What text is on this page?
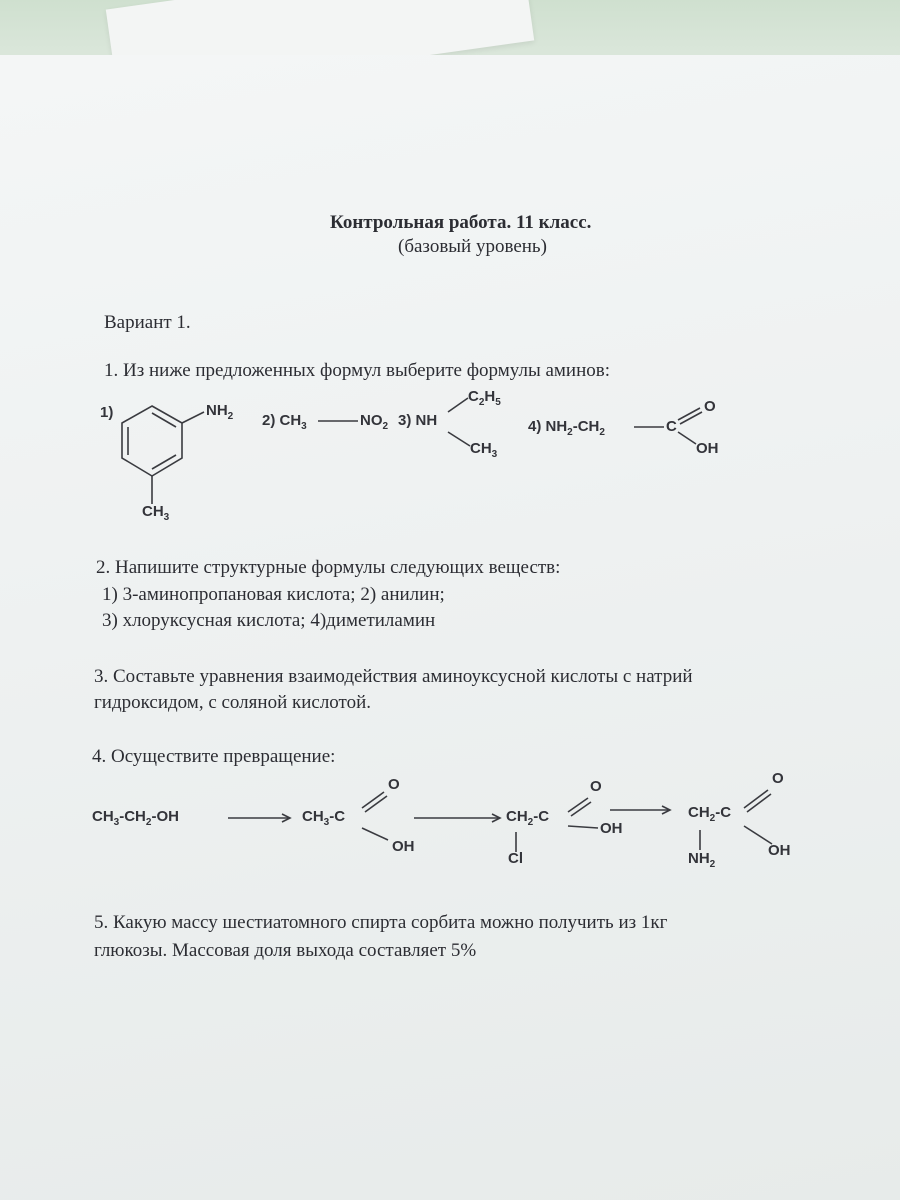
Контрольная работа. 11 класс.
(базовый уровень)
Вариант 1.
1. Из ниже предложенных формул выберите формулы аминов:
1)	$NH_2$
$CH_3$
2) $CH_3$	$NO_2$ 3) NH
$C_2H_5$
$CH_3$
4) $NH_2-CH_2$	C
O
OH
2. Напишите структурные формулы следующих веществ:
1) 3-аминопропановая кислота; 2) анилин;
3) хлоруксусная кислота; 4)диметиламин
3. Составьте уравнения взаимодействия аминоуксусной кислоты с натрий
гидроксидом, с соляной кислотой.
4. Осуществите превращение:
$CH_3-CH_2-OH$	$CH_3-C$
O
OH
$CH_2-C$
O
OH
Cl
$CH_2-C$
O
OH
$NH_2$
5. Какую массу шестиатомного спирта сорбита можно получить из 1кг
глюкозы. Массовая доля выхода составляет 5%
